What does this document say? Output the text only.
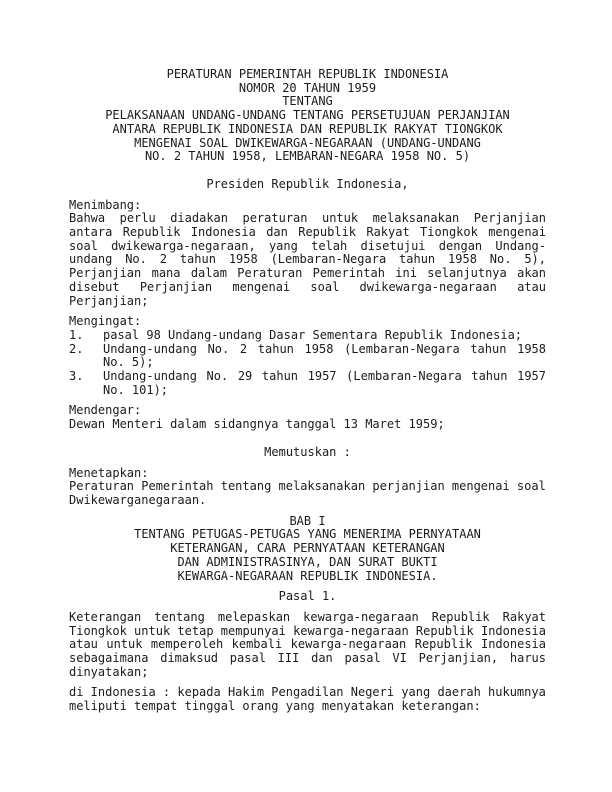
PERATURAN PEMERINTAH REPUBLIK INDONESIA
NOMOR 20 TAHUN 1959
TENTANG
PELAKSANAAN UNDANG-UNDANG TENTANG PERSETUJUAN PERJANJIAN
ANTARA REPUBLIK INDONESIA DAN REPUBLIK RAKYAT TIONGKOK
MENGENAI SOAL DWIKEWARGA-NEGARAAN (UNDANG-UNDANG
NO. 2 TAHUN 1958, LEMBARAN-NEGARA 1958 NO. 5)
Presiden Republik Indonesia,
Menimbang:
Bahwa perlu diadakan peraturan untuk melaksanakan Perjanjian
antara Republik Indonesia dan Republik Rakyat Tiongkok mengenai
soal dwikewarga-negaraan, yang telah disetujui dengan Undang-
undang No. 2 tahun 1958 (Lembaran-Negara tahun 1958 No. 5),
Perjanjian mana dalam Peraturan Pemerintah ini selanjutnya akan
disebut Perjanjian mengenai soal dwikewarga-negaraan atau
Perjanjian;
Mengingat:
1. pasal 98 Undang-undang Dasar Sementara Republik Indonesia;
2. Undang-undang No. 2 tahun 1958 (Lembaran-Negara tahun 1958
No. 5);
3. Undang-undang No. 29 tahun 1957 (Lembaran-Negara tahun 1957
No. 101);
Mendengar:
Dewan Menteri dalam sidangnya tanggal 13 Maret 1959;
Memutuskan :
Menetapkan:
Peraturan Pemerintah tentang melaksanakan perjanjian mengenai soal
Dwikewarganegaraan.
BAB I
TENTANG PETUGAS-PETUGAS YANG MENERIMA PERNYATAAN
KETERANGAN, CARA PERNYATAAN KETERANGAN
DAN ADMINISTRASINYA, DAN SURAT BUKTI
KEWARGA-NEGARAAN REPUBLIK INDONESIA.
Pasal 1.
Keterangan tentang melepaskan kewarga-negaraan Republik Rakyat
Tiongkok untuk tetap mempunyai kewarga-negaraan Republik Indonesia
atau untuk memperoleh kembali kewarga-negaraan Republik Indonesia
sebagaimana dimaksud pasal III dan pasal VI Perjanjian, harus
dinyatakan;
di Indonesia : kepada Hakim Pengadilan Negeri yang daerah hukumnya
meliputi tempat tinggal orang yang menyatakan keterangan:
